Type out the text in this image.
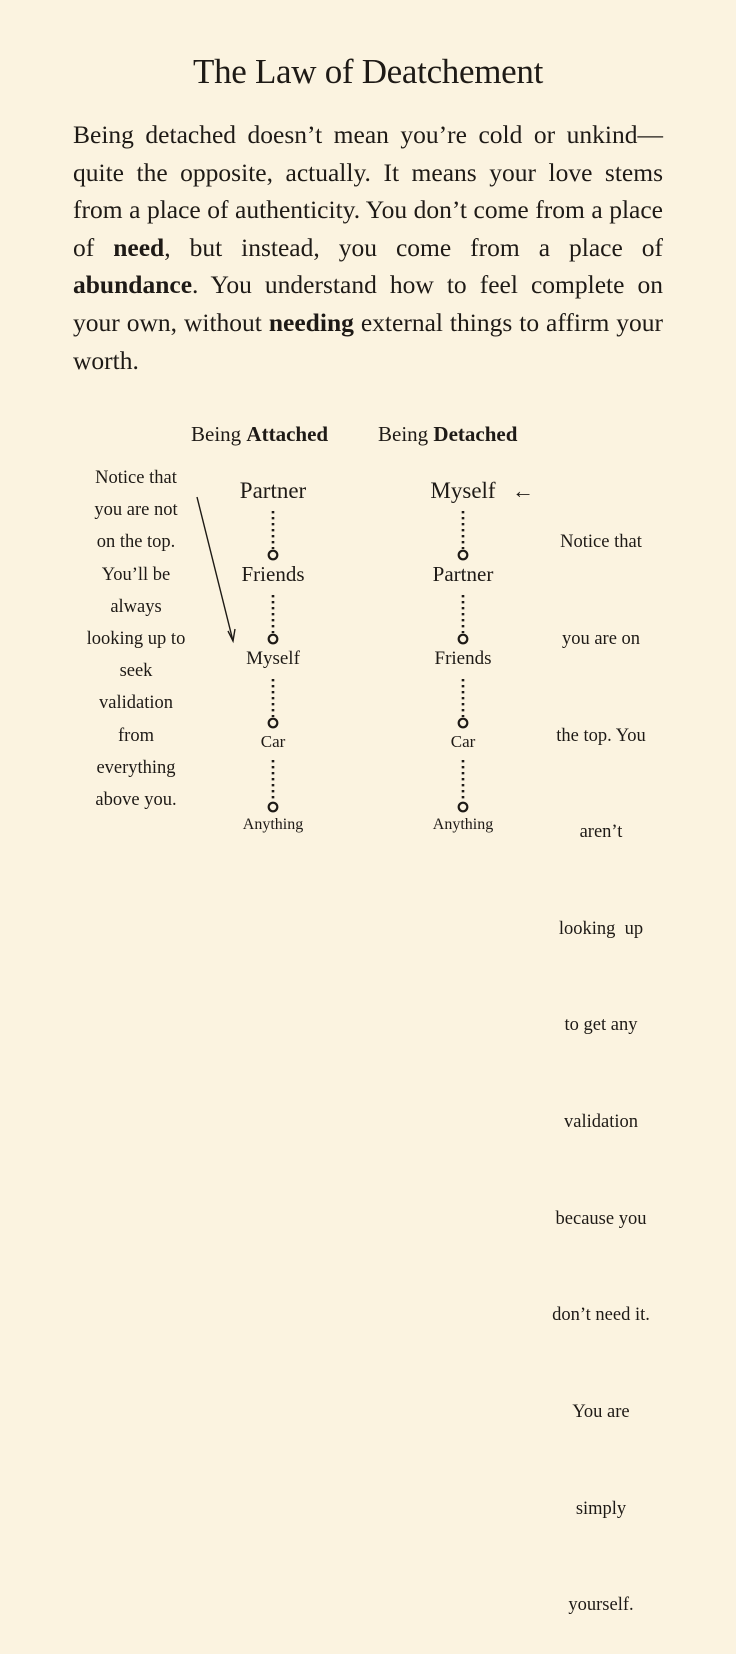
The Law of Deatchement
Being detached doesn’t mean you’re cold or unkind—quite the opposite, actually. It means your love stems from a place of authenticity. You don’t come from a place of need, but instead, you come from a place of abundance. You understand how to feel complete on your own, without needing external things to affirm your worth.
Being Attached Being Detached
Partner
Friends
Myself
Car
Anything
Myself ←
Partner
Friends
Car
Anything
Notice that
you are not
on the top.
You’ll be
always
looking up to
seek
validation
from
everything
above you.

Notice that

you are on

the top. You

aren’t

looking  up

to get any

validation

because you

don’t need it.

You are

simply

yourself.
